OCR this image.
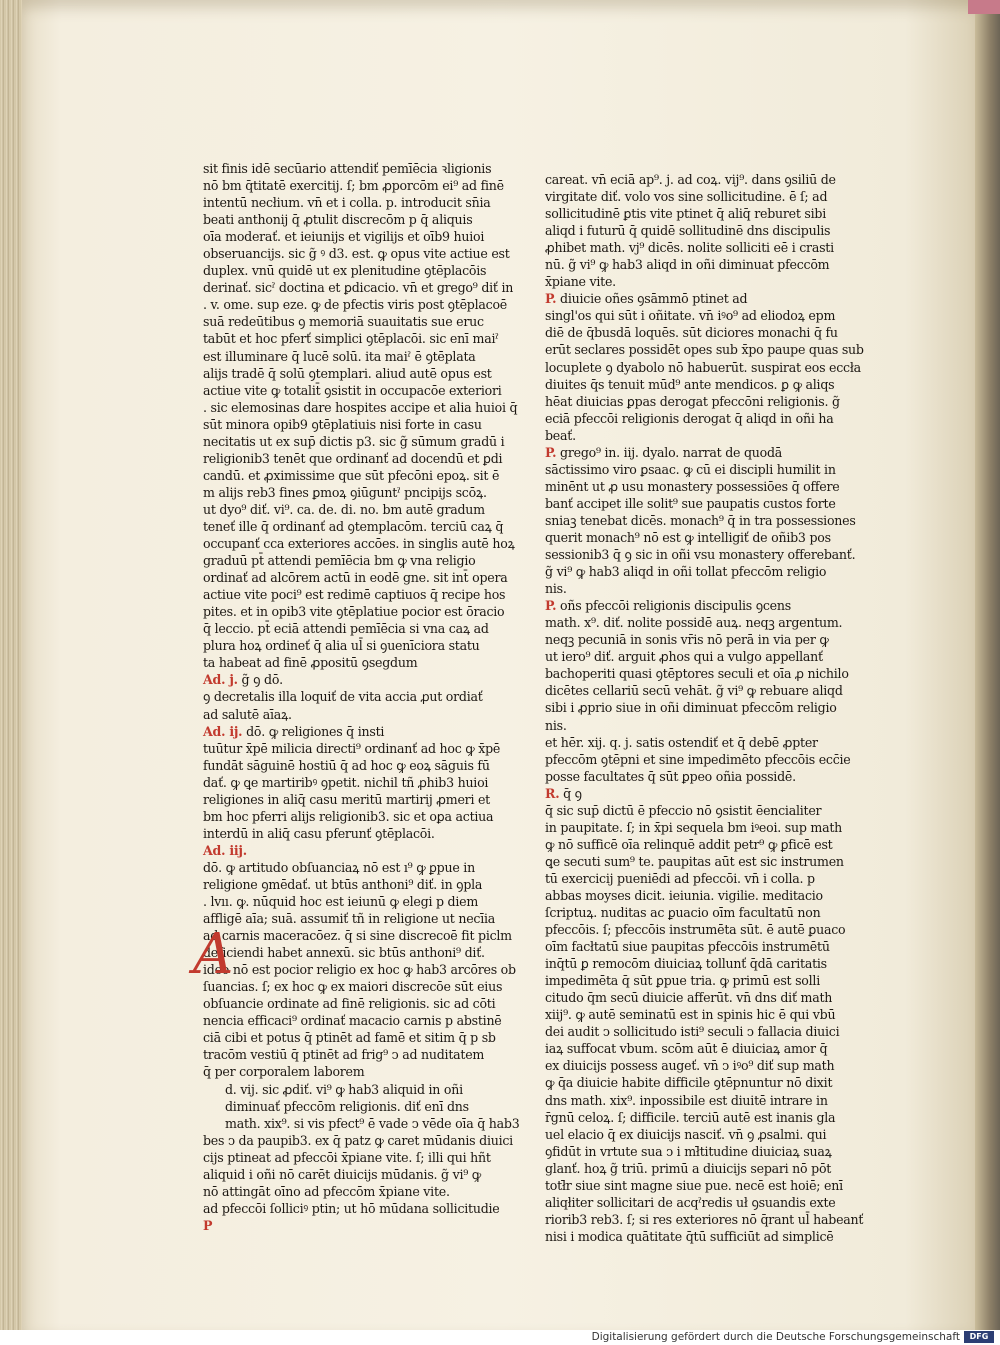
sit finis idē secūario attendiť pemīēcia ꝛligionis
nō bm q̄titatē exercitij. ſ; bm ꝓporcōm ei⁹ ad finē
intentū necłium. vn̄ et i colla. p. introducit sn̄ia
beati anthonij q̄ ꝓtulit discrecōm p q̄ aliquis
oīa moderať. et ieiunijs et vigilijs et oīb9 huioi
obseruancijs. sic g̃ ꝰ d3. est. ꝙ opus vite actiue est
duplex. vnū quidē ut ex plenitudine ꝯtēplacōis
derinať. sicˀ doctina et ꝑdicacio. vn̄ et grego⁹ diť in
. v. ome. sup eze. ꝙ de pfectis viris post ꝯtēplacoē
suā redeūtibus ꝯ memoriā suauitatis sue eruc
tabūt et hoc pferť simplici ꝯtēplacōi. sic enī maiˀ
est illuminare q̄ lucē solū. ita maiˀ ē ꝯtēplata
alijs tradē q̄ solū ꝯtemplari. aliud autē opus est
actiue vite ꝙ totalit̄ ꝯsistit in occupacōe exteriori
. sic elemosinas dare hospites accipe et alia huioi q̄
sūt minora opib9 ꝯtēplatiuis nisi forte in casu
necitatis ut ex sup̄ dictis p3. sic g̃ sūmum gradū i
religionib3 tenēt que ordinanť ad docendū et ꝑdi
candū. et ꝓximissime que sūt pfecōni epoꝝ. sit ē
m alijs reb3 fines ꝑmoꝝ ꝯiūguntˀ pncipijs scōꝝ.
ut dyo⁹ diť. vi⁹. ca. de. di. no. bm autē gradum
teneť ille q̄ ordinanť ad ꝯtemplacōm. terciū caꝝ q̄
occupanť cca exteriores accōes. in singlis autē hoꝝ
graduū pt̄ attendi pemīēcia bm ꝙ vna religio
ordinať ad alcōrem actū in eodē gne. sit int̄ opera
actiue vite poci⁹ est redimē captiuos q̄ recipe hos
pites. et in opib3 vite ꝯtēplatiue pocior est ōracio
q̄ leccio. pt̄ eciā attendi pemīēcia si vna caꝝ ad
plura hoꝝ ordineť q̄ alia ul̄ si ꝯuenīciora statu
ta habeat ad finē ꝓpositū ꝯsegdum
Ad. j. g̃ ꝯ dō.
ꝯ decretalis illa loquiť de vita accia ꝓut ordiať
ad salutē aīaꝝ.
Ad. ij. dō. ꝙ religiones q̄ insti
tuūtur x̄pē milicia directi⁹ ordinanť ad hoc ꝙ x̄pē
fundāt sāguinē hostiū q̄ ad hoc ꝙ eoꝝ sāguis fū
dať. ꝙ ꝗe martiribꝰ ꝯpetit. nichil tñ ꝓhib3 huioi
religiones in aliq̄ casu meritū martirij ꝓmeri et
bm hoc pferri alijs religionib3. sic et oꝑa actiua
interdū in aliq̄ casu pferunť ꝯtēplacōi.
Ad. iij.
dō. ꝙ artitudo obſuanciaꝝ nō est ı⁹ ꝙ ꝑpue in
religione ꝯmēdať. ut btūs anthoni⁹ diť. in ꝯpla
. lvıı. ꝙ. nūquid hoc est ieiunū ꝙ elegi p diem
affligē aīa; suā. assumiť tñ in religione ut necīia
ad carnis maceracōez. q̄ si sine discrecoē fit piclm
deficiendi habet annexū. sic btūs anthoni⁹ diť.
ideo nō est pocior religio ex hoc ꝙ hab3 arcōres ob
ſuancias. ſ; ex hoc ꝙ ex maiori discrecōe sūt eius
obſuancie ordinate ad finē religionis. sic ad cōti
nencia efficaci⁹ ordinať macacio carnis p abstinē
ciā cibi et potus q̄ ptinēt ad famē et sitim q̄ p sb
tracōm vestiū q̄ ptinēt ad frig⁹ ↄ ad nuditatem
q̄ per corporalem laborem
d. vij. sic ꝓdiť. vi⁹ ꝙ hab3 aliquid in oñi
diminuať pfeccōm religionis. diť enī dns
math. xix⁹. si vis pfect⁹ ē vade ↄ vēde oīa q̄ hab3
bes ↄ da paupib3. ex q̄ patz ꝙ caret mūdanis diuici
cijs ptineat ad pfeccōi x̄piane vite. ſ; illi qui hñt
aliquid i oñi nō carēt diuicijs mūdanis. g̃ vi⁹ ꝙ
nō attingāt oīno ad pfeccōm x̄piane vite.
ad pfeccōi ſolliciꝰ ptin; ut hō mūdana sollicitudie
P
A
careat. vn̄ eciā ap⁹. j. ad coꝝ. vij⁹. dans ꝯsiliū de
virgitate diť. volo vos sine sollicitudine. ē ſ; ad
sollicitudinē ꝑtis vite ptinet q̄ aliq̄ reburet sibi
aliqd i futurū q̄ quidē sollitudinē dns discipulis
ꝓhibet math. vj⁹ dicēs. nolite solliciti eē i crasti
nū. g̃ vi⁹ ꝙ hab3 aliqd in oñi diminuat pfeccōm
x̄piane vite.
P. diuicie oñes ꝯsāmmō ptinet ad
singl'os qui sūt i oñitate. vn̄ iꝰo⁹ ad eliodoꝝ epm
diē de q̄busdā loquēs. sūt diciores monachi q̄ fu
erūt seclares possidēt opes sub x̄po paupe quas sub
locuplete ꝯ dyabolo nō habuerūt. suspirat eos eccła
diuites q̄s tenuit mūd⁹ ante mendicos. ꝑ ꝙ aliqs
hēat diuicias ꝑpas derogat pfeccōni religionis. g̃
eciā pfeccōi religionis derogat q̄ aliqd in oñi ha
beať.
P. grego⁹ in. iij. dyalo. narrat de quodā
sāctissimo viro ꝑsaac. ꝙ cū ei discipli humilit in
minēnt ut ꝓ usu monastery possessiōes q̄ offere
banť accipet ille solit⁹ sue paupatis custos forte
sniaꝫ tenebat dicēs. monach⁹ q̄ in tra possessiones
querit monach⁹ nō est ꝙ intelligiť de oñib3 pos
sessionib3 q̄ ꝯ sic in oñi vsu monastery offerebanť.
g̃ vi⁹ ꝙ hab3 aliqd in oñi tollat pfeccōm religio
nis.
P. oñs pfeccōi religionis discipulis ꝯcens
math. x⁹. diť. nolite possidē auꝝ. neqꝫ argentum.
neqꝫ pecuniā in sonis vr̄is nō perā in via per ꝙ
ut iero⁹ diť. arguit ꝓhos qui a vulgo appellanť
bachoperiti quasi ꝯtēptores seculi et oīa ꝓ nichilo
dicētes cellariū secū vehāt. g̃ vi⁹ ꝙ rebuare aliqd
sibi i ꝓprio siue in oñi diminuat pfeccōm religio
nis.
et hēr. xij. q. j. satis ostendiť et q̄ debē ꝓpter
pfeccōm ꝯtēpni et sine impedimēto pfeccōis ecc̄ie
posse facultates q̄ sūt ꝑpeo oñia possidē.
R. q̄ ꝯ
q̄ sic sup̄ dictū ē pfeccio nō ꝯsistit ēencialiter
in paupitate. ſ; in x̄pi sequela bm iꝰeoi. sup math
ꝙ nō sufficē oīa relinquē addit petr⁹ ꝙ ꝑficē est
ꝗe secuti sum⁹ te. paupitas aūt est sic instrumen
tū exercicij pueniēdi ad pfeccōi. vn̄ i colla. p
abbas moyses dicit. ieiunia. vigilie. meditacio
ſcriptuꝝ. nuditas ac ꝑuacio oīm facultatū non
pfeccōis. ſ; pfeccōis instrumēta sūt. ē autē ꝑuaco
oīm facłtatū siue paupitas pfeccōis instrumētū
inq̄tū ꝑ remocōm diuiciaꝝ tollunť q̄dā caritatis
impedimēta q̄ sūt ꝑpue tria. ꝙ primū est solli
citudo q̄m secū diuicie afferūt. vn̄ dns diť math
xiij⁹. ꝙ autē seminatū est in spinis hic ē qui vbū
dei audit ↄ sollicitudo isti⁹ seculi ↄ fallacia diuici
iaꝝ suffocat vbum. scōm aūt ē diuiciaꝝ amor q̄
ex diuicijs possess augeť. vn̄ ↄ iꝰo⁹ diť sup math
ꝙ q̄a diuicie habite difficile ꝯtēpnuntur nō dixit
dns math. xix⁹. inpossibile est diuitē intrare in
r̄gnū celoꝝ. ſ; difficile. terciū autē est inanis gla
uel elacio q̄ ex diuicijs nasciť. vn̄ ꝯ ꝓsalmi. qui
ꝯfidūt in vrtute sua ↄ i mł̄titudine diuiciaꝝ suaꝝ
glanť. hoꝝ g̃ triū. primū a diuicijs separi nō pōt
totł̄r siue sint magne siue pue. necē est hoiē; enī
aliqłiter sollicitari de acqˀredis uł ꝯsuandis exte
riorib3 reb3. ſ; si res exteriores nō q̄rant ul̄ habeanť
nisi i modica quātitate q̄tū sufficiūt ad simplicē
Digitalisierung gefördert durch die Deutsche Forschungsgemeinschaft	DFG
